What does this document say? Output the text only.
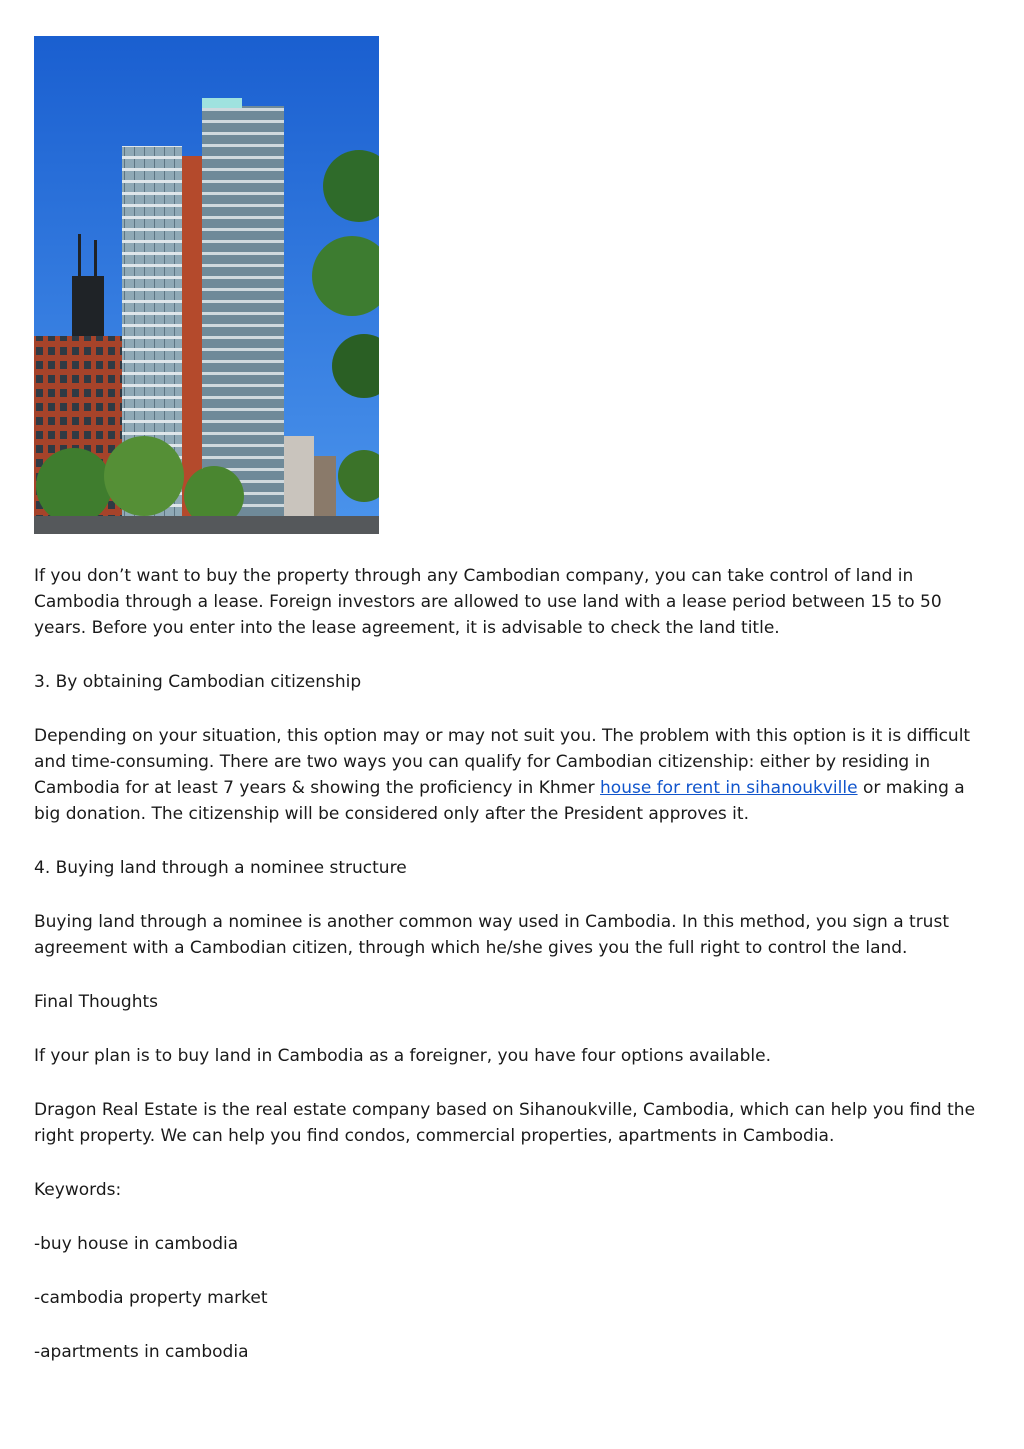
If you don’t want to buy the property through any Cambodian company, you can take control of land in Cambodia through a lease. Foreign investors are allowed to use land with a lease period between 15 to 50 years. Before you enter into the lease agreement, it is advisable to check the land title.

3. By obtaining Cambodian citizenship

Depending on your situation, this option may or may not suit you. The problem with this option is it is difficult and time-consuming. There are two ways you can qualify for Cambodian citizenship: either by residing in Cambodia for at least 7 years & showing the proficiency in Khmer house for rent in sihanoukville or making a big donation. The citizenship will be considered only after the President approves it.

4. Buying land through a nominee structure

Buying land through a nominee is another common way used in Cambodia. In this method, you sign a trust agreement with a Cambodian citizen, through which he/she gives you the full right to control the land.

Final Thoughts

If your plan is to buy land in Cambodia as a foreigner, you have four options available.

Dragon Real Estate is the real estate company based on Sihanoukville, Cambodia, which can help you find the right property. We can help you find condos, commercial properties, apartments in Cambodia.

Keywords:

-buy house in cambodia

-cambodia property market

-apartments in cambodia
